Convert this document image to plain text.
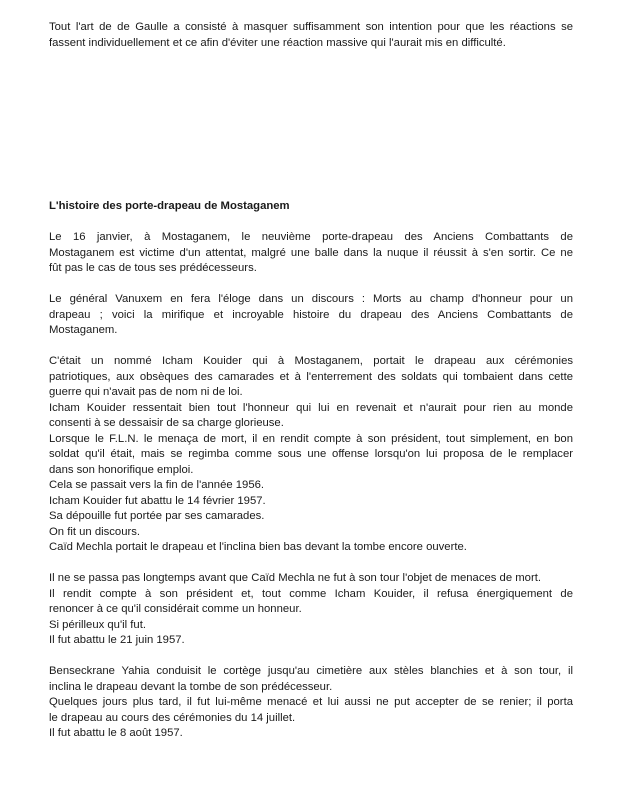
Tout l'art de de Gaulle a consisté à masquer suffisamment son intention pour que les réactions se
fassent individuellement et ce afin d'éviter une réaction massive qui l'aurait mis en difficulté.

L'histoire des porte-drapeau de Mostaganem

Le 16 janvier, à Mostaganem, le neuvième porte-drapeau des Anciens Combattants de
Mostaganem est victime d'un attentat, malgré une balle dans la nuque il réussit à s'en sortir. Ce ne
fût pas le cas de tous ses prédécesseurs.

Le général Vanuxem en fera l'éloge dans un discours : Morts au champ d'honneur pour un
drapeau ; voici la mirifique et incroyable histoire du drapeau des Anciens Combattants de
Mostaganem.

C'était un nommé Icham Kouider qui à Mostaganem, portait le drapeau aux cérémonies
patriotiques, aux obsèques des camarades et à l'enterrement des soldats qui tombaient dans cette
guerre qui n'avait pas de nom ni de loi.
Icham Kouider ressentait bien tout l'honneur qui lui en revenait et n'aurait pour rien au monde
consenti à se dessaisir de sa charge glorieuse.
Lorsque le F.L.N. le menaça de mort, il en rendit compte à son président, tout simplement, en bon
soldat qu'il était, mais se regimba comme sous une offense lorsqu'on lui proposa de le remplacer
dans son honorifique emploi.
Cela se passait vers la fin de l'année 1956.
Icham Kouider fut abattu le 14 février 1957.
Sa dépouille fut portée par ses camarades.
On fit un discours.
Caïd Mechla portait le drapeau et l'inclina bien bas devant la tombe encore ouverte.

Il ne se passa pas longtemps avant que Caïd Mechla ne fut à son tour l'objet de menaces de mort.
Il rendit compte à son président et, tout comme Icham Kouider, il refusa énergiquement de
renoncer à ce qu'il considérait comme un honneur.
Si périlleux qu'il fut.
Il fut abattu le 21 juin 1957.

Benseckrane Yahia conduisit le cortège jusqu'au cimetière aux stèles blanchies et à son tour, il
inclina le drapeau devant la tombe de son prédécesseur.
Quelques jours plus tard, il fut lui-même menacé et lui aussi ne put accepter de se renier; il porta
le drapeau au cours des cérémonies du 14 juillet.
Il fut abattu le 8 août 1957.
